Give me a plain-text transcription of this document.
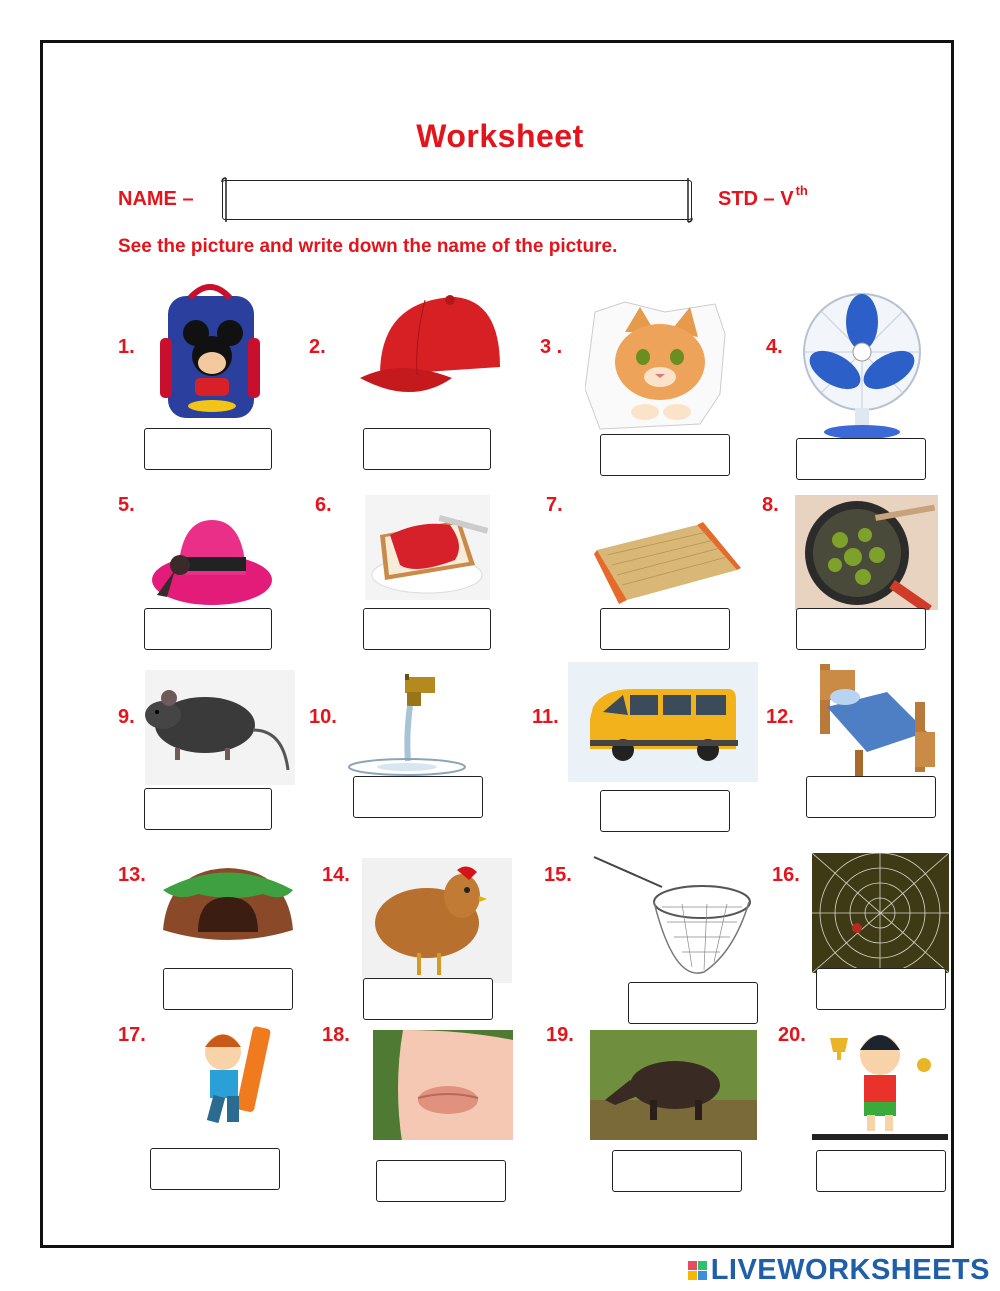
Worksheet
NAME –	STD – V $^{th}$
See the picture and write down the name of the picture.
1.	2.	3 .	4.
5.	6.	7.	8.
9.	10.	11.	12.
13.	14.	15.	16.
17.	18.	19.	20.
LIVEWORKSHEETS
